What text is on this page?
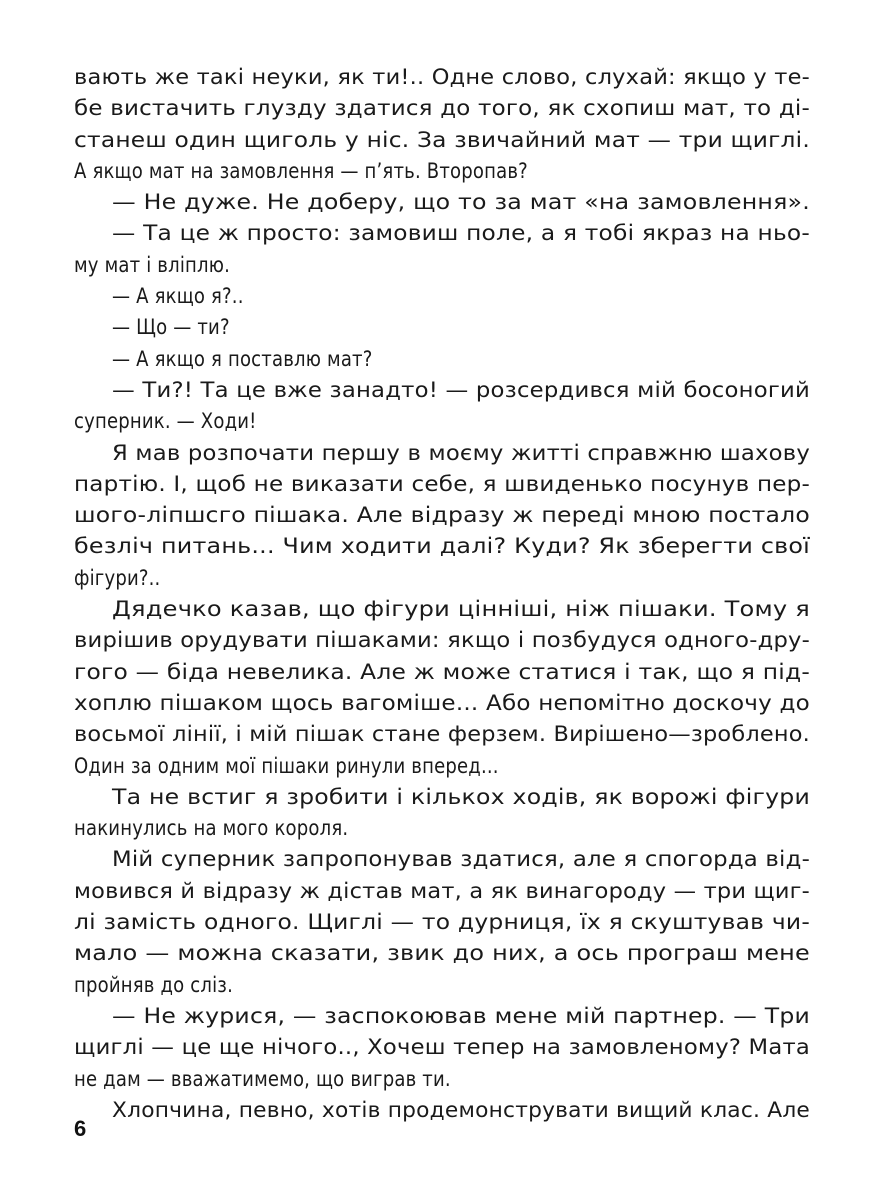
вають же такі неуки, як ти!.. Одне слово, слухай: якщо у те-
бе вистачить глузду здатися до того, як схопиш мат, то ді-
станеш один щиголь у ніс. За звичайний мат — три щиглі.
А якщо мат на замовлення — п’ять. Второпав?
— Не дуже. Не доберу, що то за мат «на замовлення».
— Та це ж просто: замовиш поле, а я тобі якраз на ньо-
му мат і вліплю.
— А якщо я?..
— Що — ти?
— А якщо я поставлю мат?
— Ти?! Та це вже занадто! — розсердився мій босоногий
суперник. — Ходи!
Я мав розпочати першу в моєму житті справжню шахову
партію. I, щоб не виказати себе, я швиденько посунув пер-
шого-ліпшсго пішака. Але відразу ж переді мною постало
безліч питань... Чим ходити далі? Куди? Як зберегти свої
фігури?..
Дядечко казав, що фігури цінніші, ніж пішаки. Тому я
вирішив орудувати пішаками: якщо і позбудуся одного-дру-
гого — біда невелика. Але ж може статися і так, що я під-
хоплю пішаком щось вагоміше... Або непомітно доскочу до
восьмої лінії, і мій пішак стане ферзем. Вирішено—зроблено.
Один за одним мої пішаки ринули вперед...
Та не встиг я зробити і кількох ходів, як ворожі фігури
накинулись на мого короля.
Мій суперник запропонував здатися, але я спогорда від-
мовився й відразу ж дістав мат, а як винагороду — три щиг-
лі замість одного. Щиглі — то дурниця, їх я скуштував чи-
мало — можна сказати, звик до них, а ось програш мене
пройняв до сліз.
— Не журися, — заспокоював мене мій партнер. — Три
щиглі — це ще нічого.., Хочеш тепер на замовленому? Мата
не дам — вважатимемо, що виграв ти.
Хлопчина, певно, хотів продемонструвати вищий клас. Але
6
